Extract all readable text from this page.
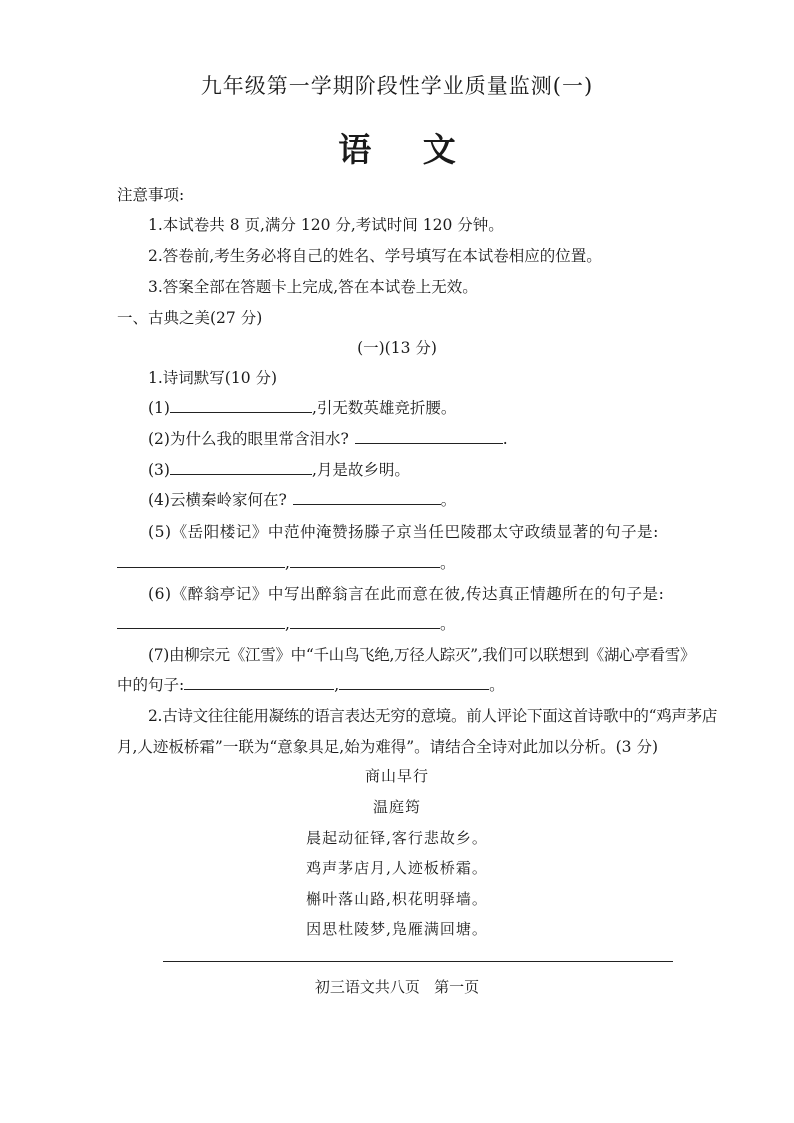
九年级第一学期阶段性学业质量监测(一)
语 文
注意事项:
1.本试卷共 8 页,满分 120 分,考试时间 120 分钟。
2.答卷前,考生务必将自己的姓名、学号填写在本试卷相应的位置。
3.答案全部在答题卡上完成,答在本试卷上无效。
一、古典之美(27 分)
(一)(13 分)
1.诗词默写(10 分)
(1)	,引无数英雄竞折腰。
(2)为什么我的眼里常含泪水?	.
(3)	,月是故乡明。
(4)云横秦岭家何在?	。
(5)《岳阳楼记》中范仲淹赞扬滕子京当任巴陵郡太守政绩显著的句子是:
,	。
(6)《醉翁亭记》中写出醉翁言在此而意在彼,传达真正情趣所在的句子是:
,	。
(7)由柳宗元《江雪》中“千山鸟飞绝,万径人踪灭”,我们可以联想到《湖心亭看雪》
中的句子:	,	。
2.古诗文往往能用凝练的语言表达无穷的意境。前人评论下面这首诗歌中的“鸡声茅店
月,人迹板桥霜”一联为“意象具足,始为难得”。请结合全诗对此加以分析。(3 分)
商山早行
温庭筠
晨起动征铎,客行悲故乡。
鸡声茅店月,人迹板桥霜。
槲叶落山路,枳花明驿墙。
因思杜陵梦,凫雁满回塘。
初三语文共八页   第一页
